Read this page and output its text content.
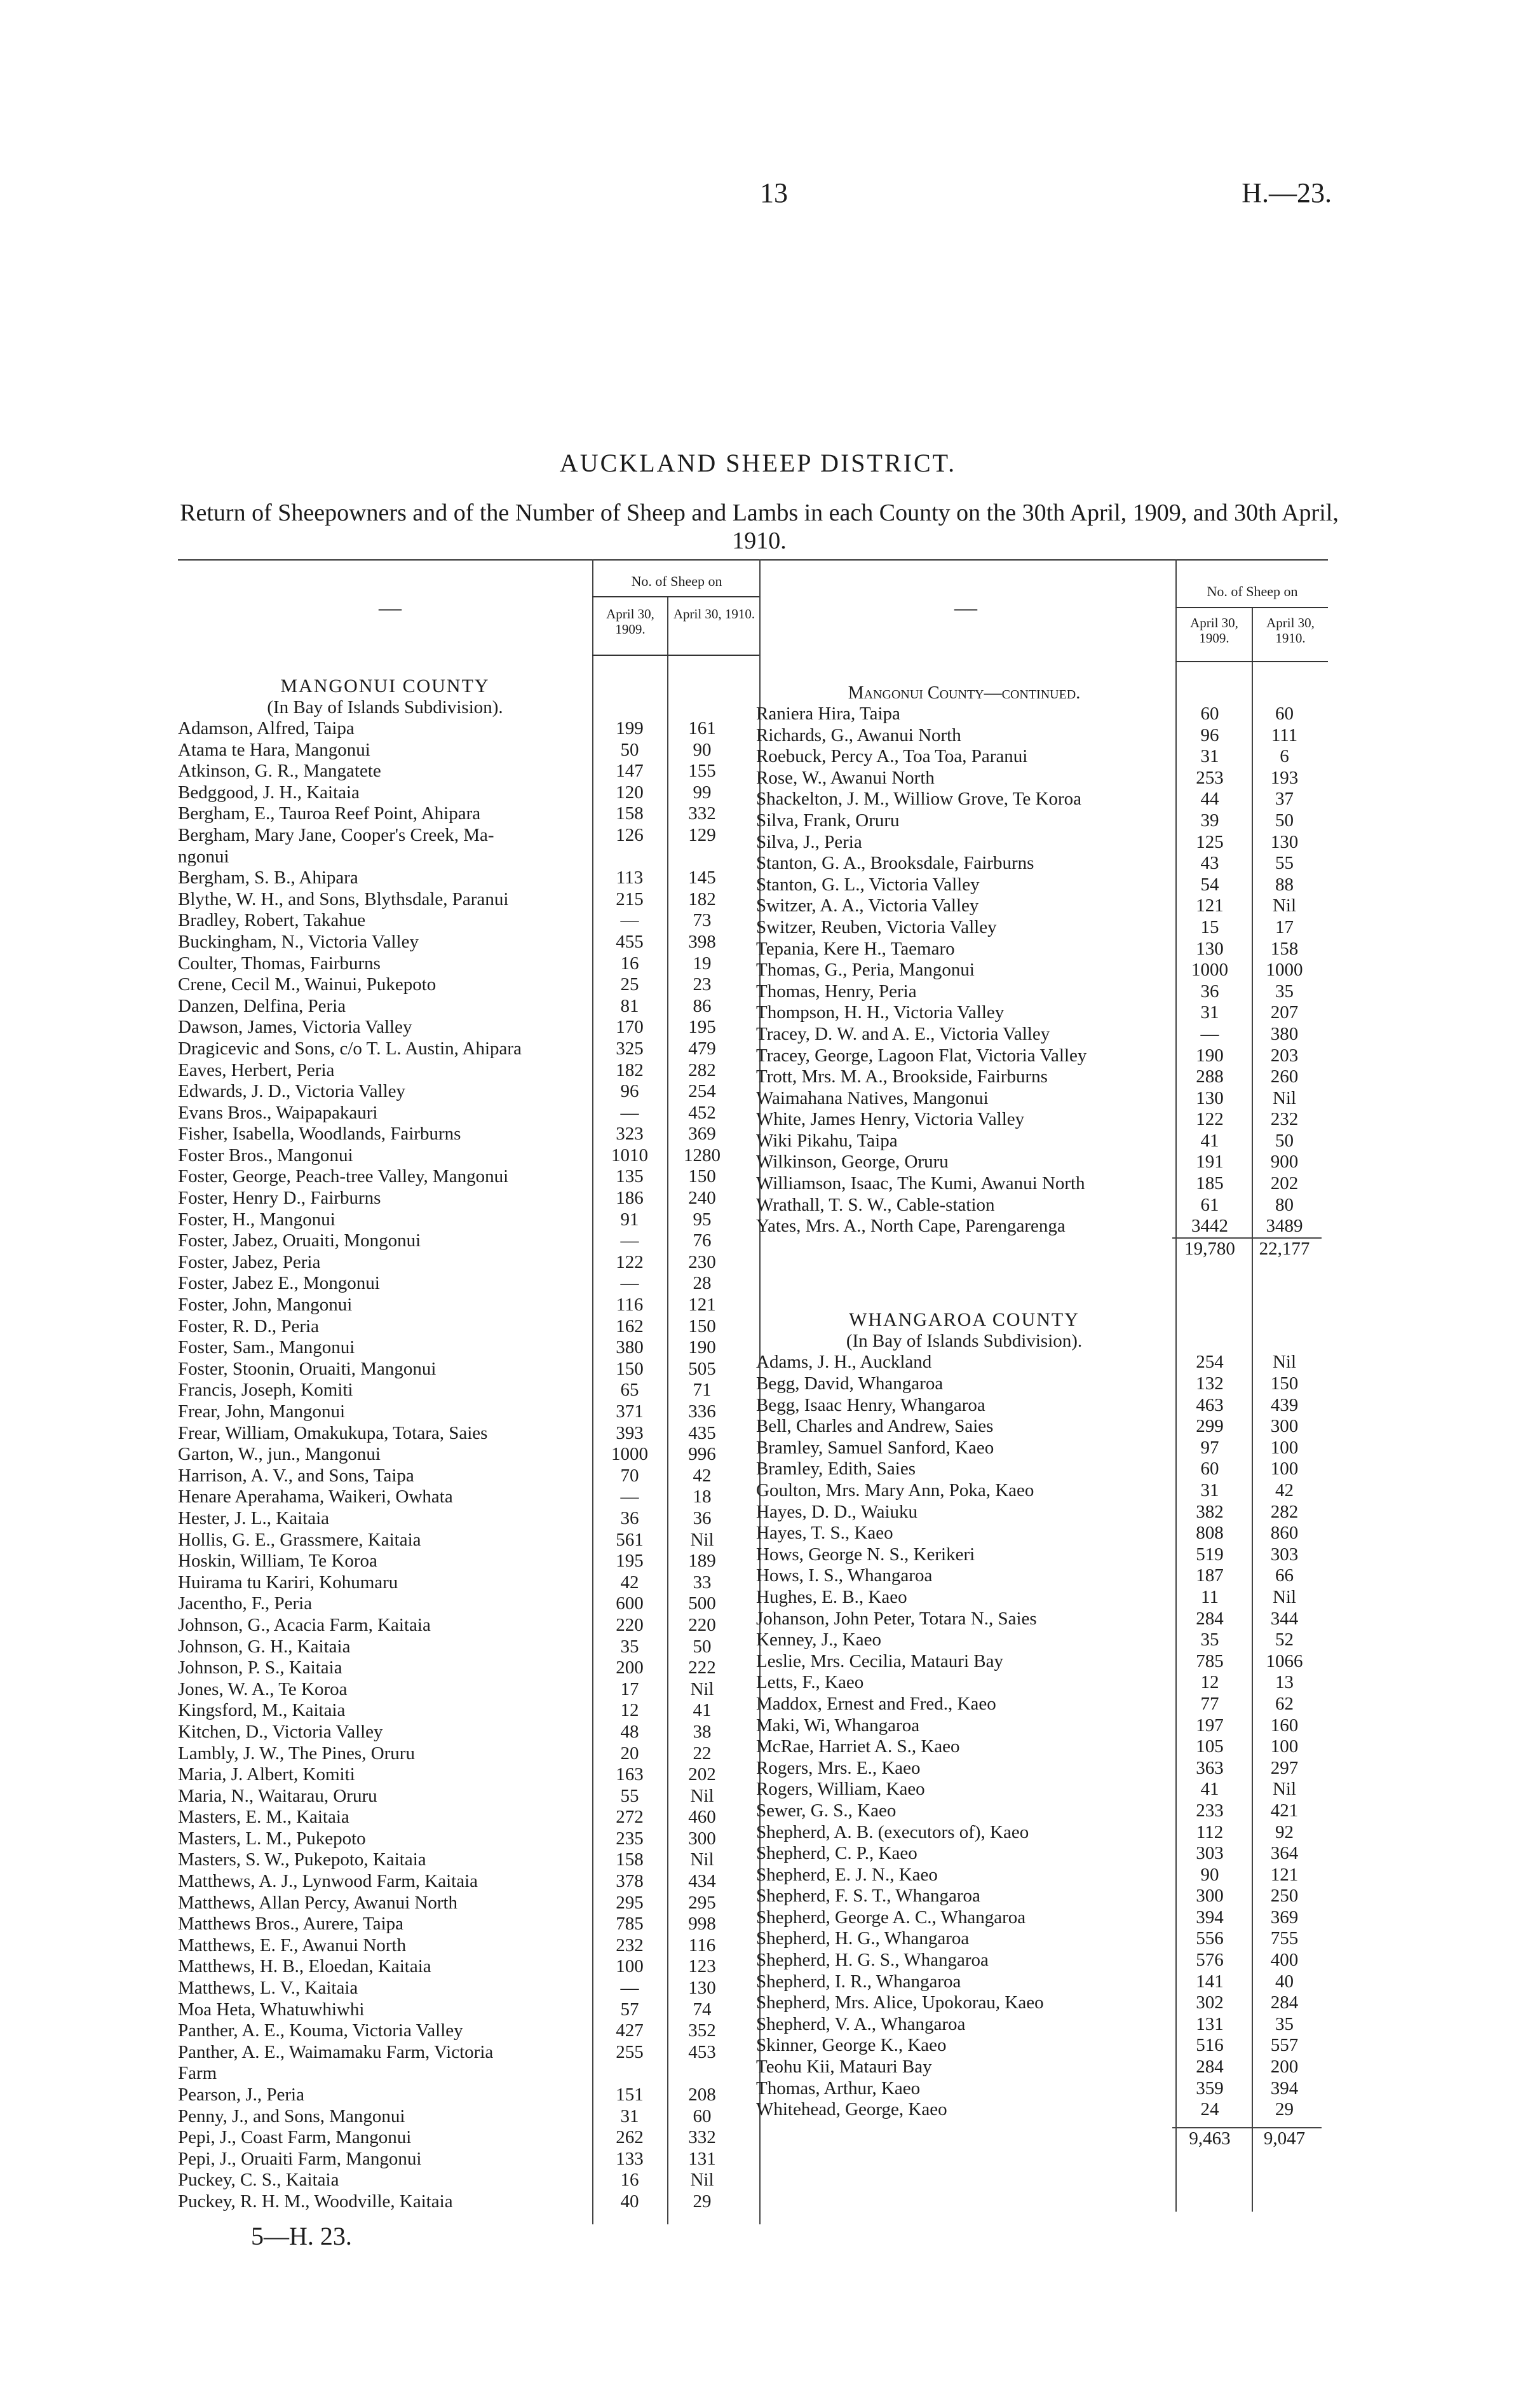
13	H.—23.
AUCKLAND SHEEP DISTRICT.
Return of Sheepowners and of the Number of Sheep and Lambs in each County on the 30th April, 1909, and 30th April, 1910.
—
No. of Sheep on
April 30, 1909.
April 30, 1910.	—
No. of Sheep on
April 30, 1909.
April 30, 1910.
MANGONUI COUNTY
(In Bay of Islands Subdivision).
Adamson, Alfred, Taipa	199	161
Atama te Hara, Mangonui	50	90
Atkinson, G. R., Mangatete	147	155
Bedggood, J. H., Kaitaia	120	99
Bergham, E., Tauroa Reef Point, Ahipara	158	332
Bergham, Mary Jane, Cooper's Creek, Ma-	126	129
ngonui
Bergham, S. B., Ahipara	113	145
Blythe, W. H., and Sons, Blythsdale, Paranui	215	182
Bradley, Robert, Takahue	—	73
Buckingham, N., Victoria Valley	455	398
Coulter, Thomas, Fairburns	16	19
Crene, Cecil M., Wainui, Pukepoto	25	23
Danzen, Delfina, Peria	81	86
Dawson, James, Victoria Valley	170	195
Dragicevic and Sons, c/o T. L. Austin, Ahipara	325	479
Eaves, Herbert, Peria	182	282
Edwards, J. D., Victoria Valley	96	254
Evans Bros., Waipapakauri	—	452
Fisher, Isabella, Woodlands, Fairburns	323	369
Foster Bros., Mangonui	1010	1280
Foster, George, Peach-tree Valley, Mangonui	135	150
Foster, Henry D., Fairburns	186	240
Foster, H., Mangonui	91	95
Foster, Jabez, Oruaiti, Mongonui	—	76
Foster, Jabez, Peria	122	230
Foster, Jabez E., Mongonui	—	28
Foster, John, Mangonui	116	121
Foster, R. D., Peria	162	150
Foster, Sam., Mangonui	380	190
Foster, Stoonin, Oruaiti, Mangonui	150	505
Francis, Joseph, Komiti	65	71
Frear, John, Mangonui	371	336
Frear, William, Omakukupa, Totara, Saies	393	435
Garton, W., jun., Mangonui	1000	996
Harrison, A. V., and Sons, Taipa	70	42
Henare Aperahama, Waikeri, Owhata	—	18
Hester, J. L., Kaitaia	36	36
Hollis, G. E., Grassmere, Kaitaia	561	Nil
Hoskin, William, Te Koroa	195	189
Huirama tu Kariri, Kohumaru	42	33
Jacentho, F., Peria	600	500
Johnson, G., Acacia Farm, Kaitaia	220	220
Johnson, G. H., Kaitaia	35	50
Johnson, P. S., Kaitaia	200	222
Jones, W. A., Te Koroa	17	Nil
Kingsford, M., Kaitaia	12	41
Kitchen, D., Victoria Valley	48	38
Lambly, J. W., The Pines, Oruru	20	22
Maria, J. Albert, Komiti	163	202
Maria, N., Waitarau, Oruru	55	Nil
Masters, E. M., Kaitaia	272	460
Masters, L. M., Pukepoto	235	300
Masters, S. W., Pukepoto, Kaitaia	158	Nil
Matthews, A. J., Lynwood Farm, Kaitaia	378	434
Matthews, Allan Percy, Awanui North	295	295
Matthews Bros., Aurere, Taipa	785	998
Matthews, E. F., Awanui North	232	116
Matthews, H. B., Eloedan, Kaitaia	100	123
Matthews, L. V., Kaitaia	—	130
Moa Heta, Whatuwhiwhi	57	74
Panther, A. E., Kouma, Victoria Valley	427	352
Panther, A. E., Waimamaku Farm, Victoria	255	453
Farm
Pearson, J., Peria	151	208
Penny, J., and Sons, Mangonui	31	60
Pepi, J., Coast Farm, Mangonui	262	332
Pepi, J., Oruaiti Farm, Mangonui	133	131
Puckey, C. S., Kaitaia	16	Nil
Puckey, R. H. M., Woodville, Kaitaia	40	29
Mangonui County—continued.
Raniera Hira, Taipa	60	60
Richards, G., Awanui North	96	111
Roebuck, Percy A., Toa Toa, Paranui	31	6
Rose, W., Awanui North	253	193
Shackelton, J. M., Williow Grove, Te Koroa	44	37
Silva, Frank, Oruru	39	50
Silva, J., Peria	125	130
Stanton, G. A., Brooksdale, Fairburns	43	55
Stanton, G. L., Victoria Valley	54	88
Switzer, A. A., Victoria Valley	121	Nil
Switzer, Reuben, Victoria Valley	15	17
Tepania, Kere H., Taemaro	130	158
Thomas, G., Peria, Mangonui	1000	1000
Thomas, Henry, Peria	36	35
Thompson, H. H., Victoria Valley	31	207
Tracey, D. W. and A. E., Victoria Valley	—	380
Tracey, George, Lagoon Flat, Victoria Valley	190	203
Trott, Mrs. M. A., Brookside, Fairburns	288	260
Waimahana Natives, Mangonui	130	Nil
White, James Henry, Victoria Valley	122	232
Wiki Pikahu, Taipa	41	50
Wilkinson, George, Oruru	191	900
Williamson, Isaac, The Kumi, Awanui North	185	202
Wrathall, T. S. W., Cable-station	61	80
Yates, Mrs. A., North Cape, Parengarenga	3442	3489
19,780	22,177
WHANGAROA COUNTY
(In Bay of Islands Subdivision).
Adams, J. H., Auckland	254	Nil
Begg, David, Whangaroa	132	150
Begg, Isaac Henry, Whangaroa	463	439
Bell, Charles and Andrew, Saies	299	300
Bramley, Samuel Sanford, Kaeo	97	100
Bramley, Edith, Saies	60	100
Goulton, Mrs. Mary Ann, Poka, Kaeo	31	42
Hayes, D. D., Waiuku	382	282
Hayes, T. S., Kaeo	808	860
Hows, George N. S., Kerikeri	519	303
Hows, I. S., Whangaroa	187	66
Hughes, E. B., Kaeo	11	Nil
Johanson, John Peter, Totara N., Saies	284	344
Kenney, J., Kaeo	35	52
Leslie, Mrs. Cecilia, Matauri Bay	785	1066
Letts, F., Kaeo	12	13
Maddox, Ernest and Fred., Kaeo	77	62
Maki, Wi, Whangaroa	197	160
McRae, Harriet A. S., Kaeo	105	100
Rogers, Mrs. E., Kaeo	363	297
Rogers, William, Kaeo	41	Nil
Sewer, G. S., Kaeo	233	421
Shepherd, A. B. (executors of), Kaeo	112	92
Shepherd, C. P., Kaeo	303	364
Shepherd, E. J. N., Kaeo	90	121
Shepherd, F. S. T., Whangaroa	300	250
Shepherd, George A. C., Whangaroa	394	369
Shepherd, H. G., Whangaroa	556	755
Shepherd, H. G. S., Whangaroa	576	400
Shepherd, I. R., Whangaroa	141	40
Shepherd, Mrs. Alice, Upokorau, Kaeo	302	284
Shepherd, V. A., Whangaroa	131	35
Skinner, George K., Kaeo	516	557
Teohu Kii, Matauri Bay	284	200
Thomas, Arthur, Kaeo	359	394
Whitehead, George, Kaeo	24	29
9,463	9,047
5—H. 23.
